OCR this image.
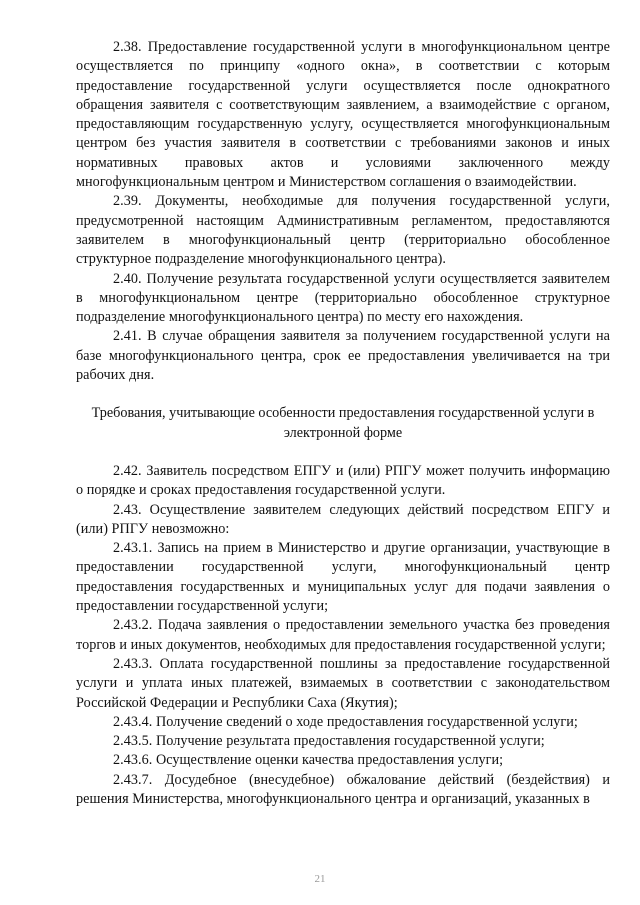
2.38. Предоставление государственной услуги в многофункциональном центре осуществляется по принципу «одного окна», в соответствии с которым предоставление государственной услуги осуществляется после однократного обращения заявителя с соответствующим заявлением, а взаимодействие с органом, предоставляющим государственную услугу, осуществляется многофункциональным центром без участия заявителя в соответствии с требованиями законов и иных нормативных правовых актов и условиями заключенного между многофункциональным центром и Министерством соглашения о взаимодействии.

2.39. Документы, необходимые для получения государственной услуги, предусмотренной настоящим Административным регламентом, предоставляются заявителем в многофункциональный центр (территориально обособленное структурное подразделение многофункционального центра).

2.40. Получение результата государственной услуги осуществляется заявителем в многофункциональном центре (территориально обособленное структурное подразделение многофункционального центра) по месту его нахождения.

2.41. В случае обращения заявителя за получением государственной услуги на базе многофункционального центра, срок ее предоставления увеличивается на три рабочих дня.

Требования, учитывающие особенности предоставления государственной услуги в электронной форме

2.42. Заявитель посредством ЕПГУ и (или) РПГУ может получить информацию о порядке и сроках предоставления государственной услуги.

2.43. Осуществление заявителем следующих действий посредством ЕПГУ и (или) РПГУ невозможно:

2.43.1. Запись на прием в Министерство и другие организации, участвующие в предоставлении государственной услуги, многофункциональный центр предоставления государственных и муниципальных услуг для подачи заявления о предоставлении государственной услуги;

2.43.2. Подача заявления о предоставлении земельного участка без проведения торгов и иных документов, необходимых для предоставления государственной услуги;

2.43.3. Оплата государственной пошлины за предоставление государственной услуги и уплата иных платежей, взимаемых в соответствии с законодательством Российской Федерации и Республики Саха (Якутия);

2.43.4. Получение сведений о ходе предоставления государственной услуги;

2.43.5. Получение результата предоставления государственной услуги;

2.43.6. Осуществление оценки качества предоставления услуги;

2.43.7. Досудебное (внесудебное) обжалование действий (бездействия) и решения Министерства, многофункционального центра и организаций, указанных в

21
